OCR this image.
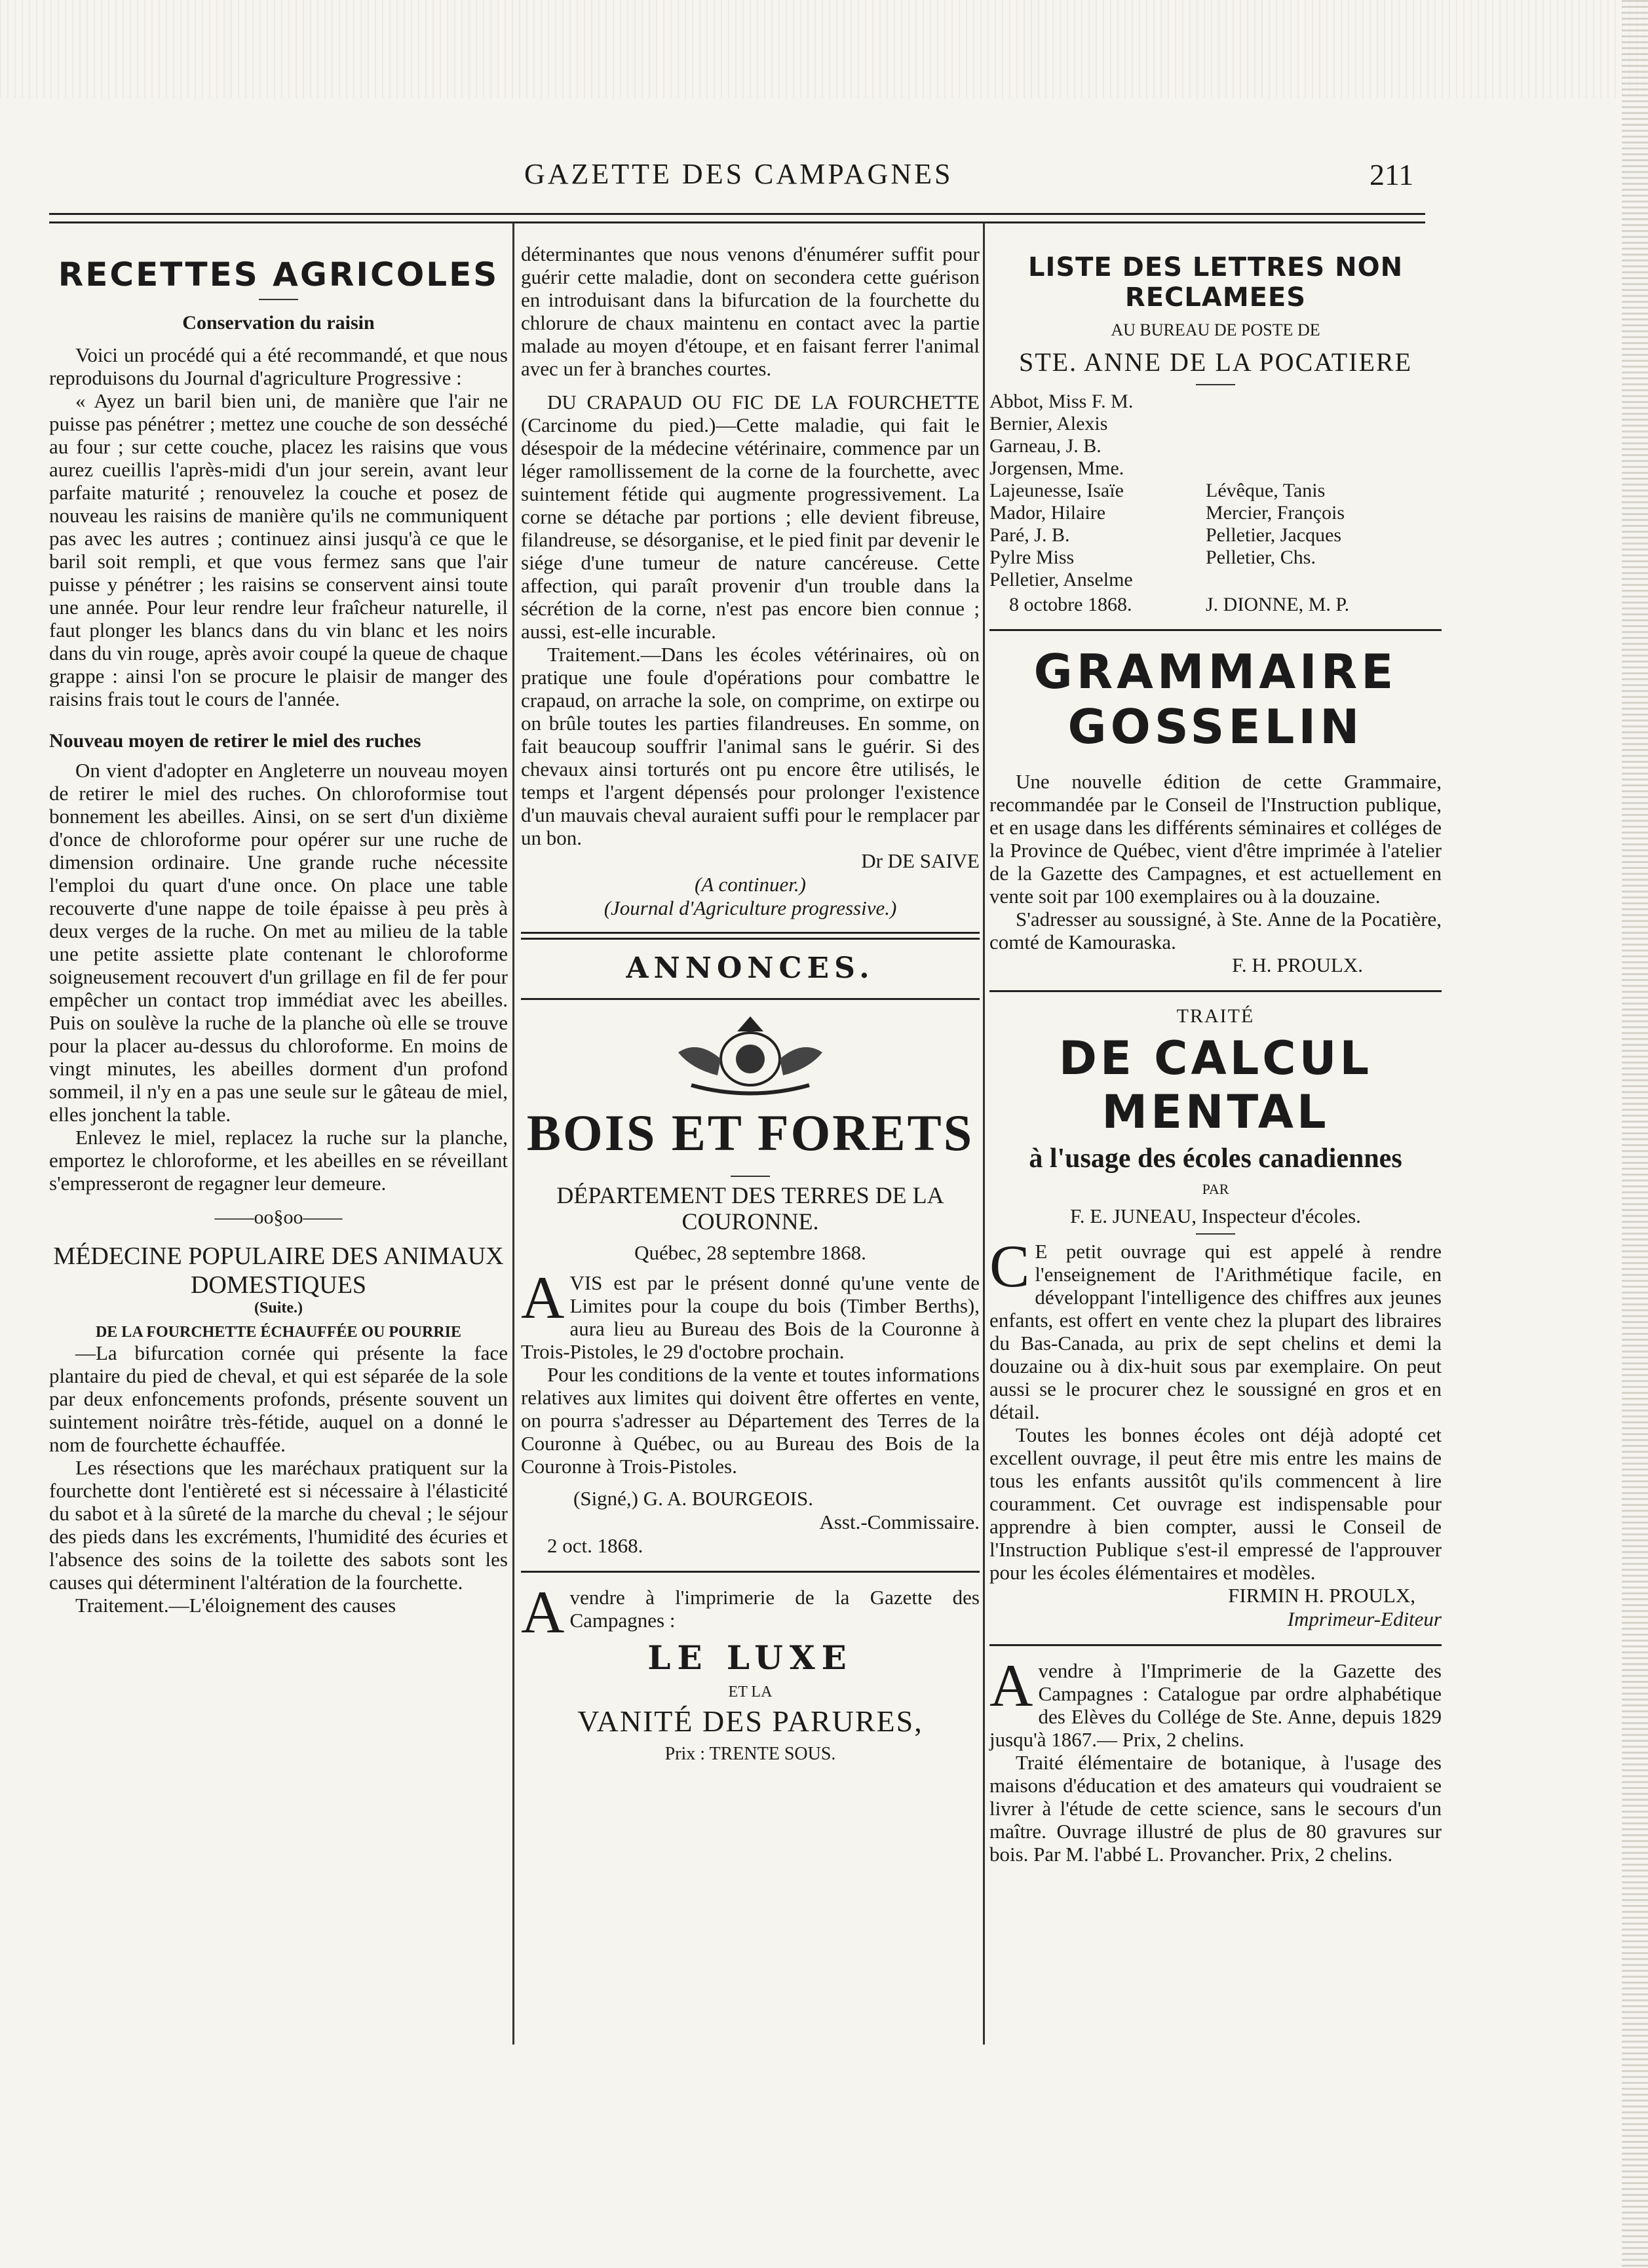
GAZETTE DES CAMPAGNES	211
RECETTES AGRICOLES
Conservation du raisin

Voici un procédé qui a été recommandé, et que nous reproduisons du Journal d'agriculture Progressive :

« Ayez un baril bien uni, de manière que l'air ne puisse pas pénétrer ; mettez une couche de son desséché au four ; sur cette couche, placez les raisins que vous aurez cueillis l'après-midi d'un jour serein, avant leur parfaite maturité ; renouvelez la couche et posez de nouveau les raisins de manière qu'ils ne communiquent pas avec les autres ; continuez ainsi jusqu'à ce que le baril soit rempli, et que vous fermez sans que l'air puisse y pénétrer ; les raisins se conservent ainsi toute une année. Pour leur rendre leur fraîcheur naturelle, il faut plonger les blancs dans du vin blanc et les noirs dans du vin rouge, après avoir coupé la queue de chaque grappe : ainsi l'on se procure le plaisir de manger des raisins frais tout le cours de l'année.

Nouveau moyen de retirer le miel des ruches

On vient d'adopter en Angleterre un nouveau moyen de retirer le miel des ruches. On chloroformise tout bonnement les abeilles. Ainsi, on se sert d'un dixième d'once de chloroforme pour opérer sur une ruche de dimension ordinaire. Une grande ruche nécessite l'emploi du quart d'une once. On place une table recouverte d'une nappe de toile épaisse à peu près à deux verges de la ruche. On met au milieu de la table une petite assiette plate contenant le chloroforme soigneusement recouvert d'un grillage en fil de fer pour empêcher un contact trop immédiat avec les abeilles. Puis on soulève la ruche de la planche où elle se trouve pour la placer au-dessus du chloroforme. En moins de vingt minutes, les abeilles dorment d'un profond sommeil, il n'y en a pas une seule sur le gâteau de miel, elles jonchent la table.

Enlevez le miel, replacez la ruche sur la planche, emportez le chloroforme, et les abeilles en se réveillant s'empresseront de regagner leur demeure.

——oo§oo——
MÉDECINE POPULAIRE DES ANIMAUX DOMESTIQUES
(Suite.)
DE LA FOURCHETTE ÉCHAUFFÉE OU POURRIE

—La bifurcation cornée qui présente la face plantaire du pied de cheval, et qui est séparée de la sole par deux enfoncements profonds, présente souvent un suintement noirâtre très-fétide, auquel on a donné le nom de fourchette échauffée.

Les résections que les maréchaux pratiquent sur la fourchette dont l'entièreté est si nécessaire à l'élasticité du sabot et à la sûreté de la marche du cheval ; le séjour des pieds dans les excréments, l'humidité des écuries et l'absence des soins de la toilette des sabots sont les causes qui déterminent l'altération de la fourchette.

Traitement.—L'éloignement des causes

déterminantes que nous venons d'énumérer suffit pour guérir cette maladie, dont on secondera cette guérison en introduisant dans la bifurcation de la fourchette du chlorure de chaux maintenu en contact avec la partie malade au moyen d'étoupe, et en faisant ferrer l'animal avec un fer à branches courtes.

DU CRAPAUD OU FIC DE LA FOURCHETTE (Carcinome du pied.)—Cette maladie, qui fait le désespoir de la médecine vétérinaire, commence par un léger ramollissement de la corne de la fourchette, avec suintement fétide qui augmente progressivement. La corne se détache par portions ; elle devient fibreuse, filandreuse, se désorganise, et le pied finit par devenir le siége d'une tumeur de nature cancéreuse. Cette affection, qui paraît provenir d'un trouble dans la sécrétion de la corne, n'est pas encore bien connue ; aussi, est-elle incurable.

Traitement.—Dans les écoles vétérinaires, où on pratique une foule d'opérations pour combattre le crapaud, on arrache la sole, on comprime, on extirpe ou on brûle toutes les parties filandreuses. En somme, on fait beaucoup souffrir l'animal sans le guérir. Si des chevaux ainsi torturés ont pu encore être utilisés, le temps et l'argent dépensés pour prolonger l'existence d'un mauvais cheval auraient suffi pour le remplacer par un bon.

Dr DE SAIVE
(A continuer.)
(Journal d'Agriculture progressive.)
ANNONCES.
BOIS ET FORETS
DÉPARTEMENT DES TERRES DE LA COURONNE.
Québec, 28 septembre 1868.

AVIS est par le présent donné qu'une vente de Limites pour la coupe du bois (Timber Berths), aura lieu au Bureau des Bois de la Couronne à Trois-Pistoles, le 29 d'octobre prochain.

Pour les conditions de la vente et toutes informations relatives aux limites qui doivent être offertes en vente, on pourra s'adresser au Département des Terres de la Couronne à Québec, ou au Bureau des Bois de la Couronne à Trois-Pistoles.

(Signé,) G. A. BOURGEOIS.
Asst.-Commissaire.
2 oct. 1868.

Avendre à l'imprimerie de la Gazette des Campagnes :

LE LUXE
ET LA
VANITÉ DES PARURES,
Prix : TRENTE SOUS.
LISTE DES LETTRES NON RECLAMEES
AU BUREAU DE POSTE DE
STE. ANNE DE LA POCATIERE
Abbot, Miss F. M.
Bernier, Alexis
Garneau, J. B.
Jorgensen, Mme.
Lajeunesse, Isaïe	Lévêque, Tanis
Mador, Hilaire	Mercier, François
Paré, J. B.	Pelletier, Jacques
Pylre Miss	Pelletier, Chs.
Pelletier, Anselme
8 octobre 1868.	J. DIONNE, M. P.
GRAMMAIRE GOSSELIN

Une nouvelle édition de cette Grammaire, recommandée par le Conseil de l'Instruction publique, et en usage dans les différents séminaires et colléges de la Province de Québec, vient d'être imprimée à l'atelier de la Gazette des Campagnes, et est actuellement en vente soit par 100 exemplaires ou à la douzaine.

S'adresser au soussigné, à Ste. Anne de la Pocatière, comté de Kamouraska.

F. H. PROULX.
TRAITÉ
DE CALCUL MENTAL
à l'usage des écoles canadiennes
PAR
F. E. JUNEAU, Inspecteur d'écoles.

CE petit ouvrage qui est appelé à rendre l'enseignement de l'Arithmétique facile, en développant l'intelligence des chiffres aux jeunes enfants, est offert en vente chez la plupart des libraires du Bas-Canada, au prix de sept chelins et demi la douzaine ou à dix-huit sous par exemplaire. On peut aussi se le procurer chez le soussigné en gros et en détail.

Toutes les bonnes écoles ont déjà adopté cet excellent ouvrage, il peut être mis entre les mains de tous les enfants aussitôt qu'ils commencent à lire couramment. Cet ouvrage est indispensable pour apprendre à bien compter, aussi le Conseil de l'Instruction Publique s'est-il empressé de l'approuver pour les écoles élémentaires et modèles.

FIRMIN H. PROULX,
Imprimeur-Editeur

Avendre à l'Imprimerie de la Gazette des Campagnes : Catalogue par ordre alphabétique des Elèves du Collége de Ste. Anne, depuis 1829 jusqu'à 1867.— Prix, 2 chelins.

Traité élémentaire de botanique, à l'usage des maisons d'éducation et des amateurs qui voudraient se livrer à l'étude de cette science, sans le secours d'un maître. Ouvrage illustré de plus de 80 gravures sur bois. Par M. l'abbé L. Provancher. Prix, 2 chelins.
